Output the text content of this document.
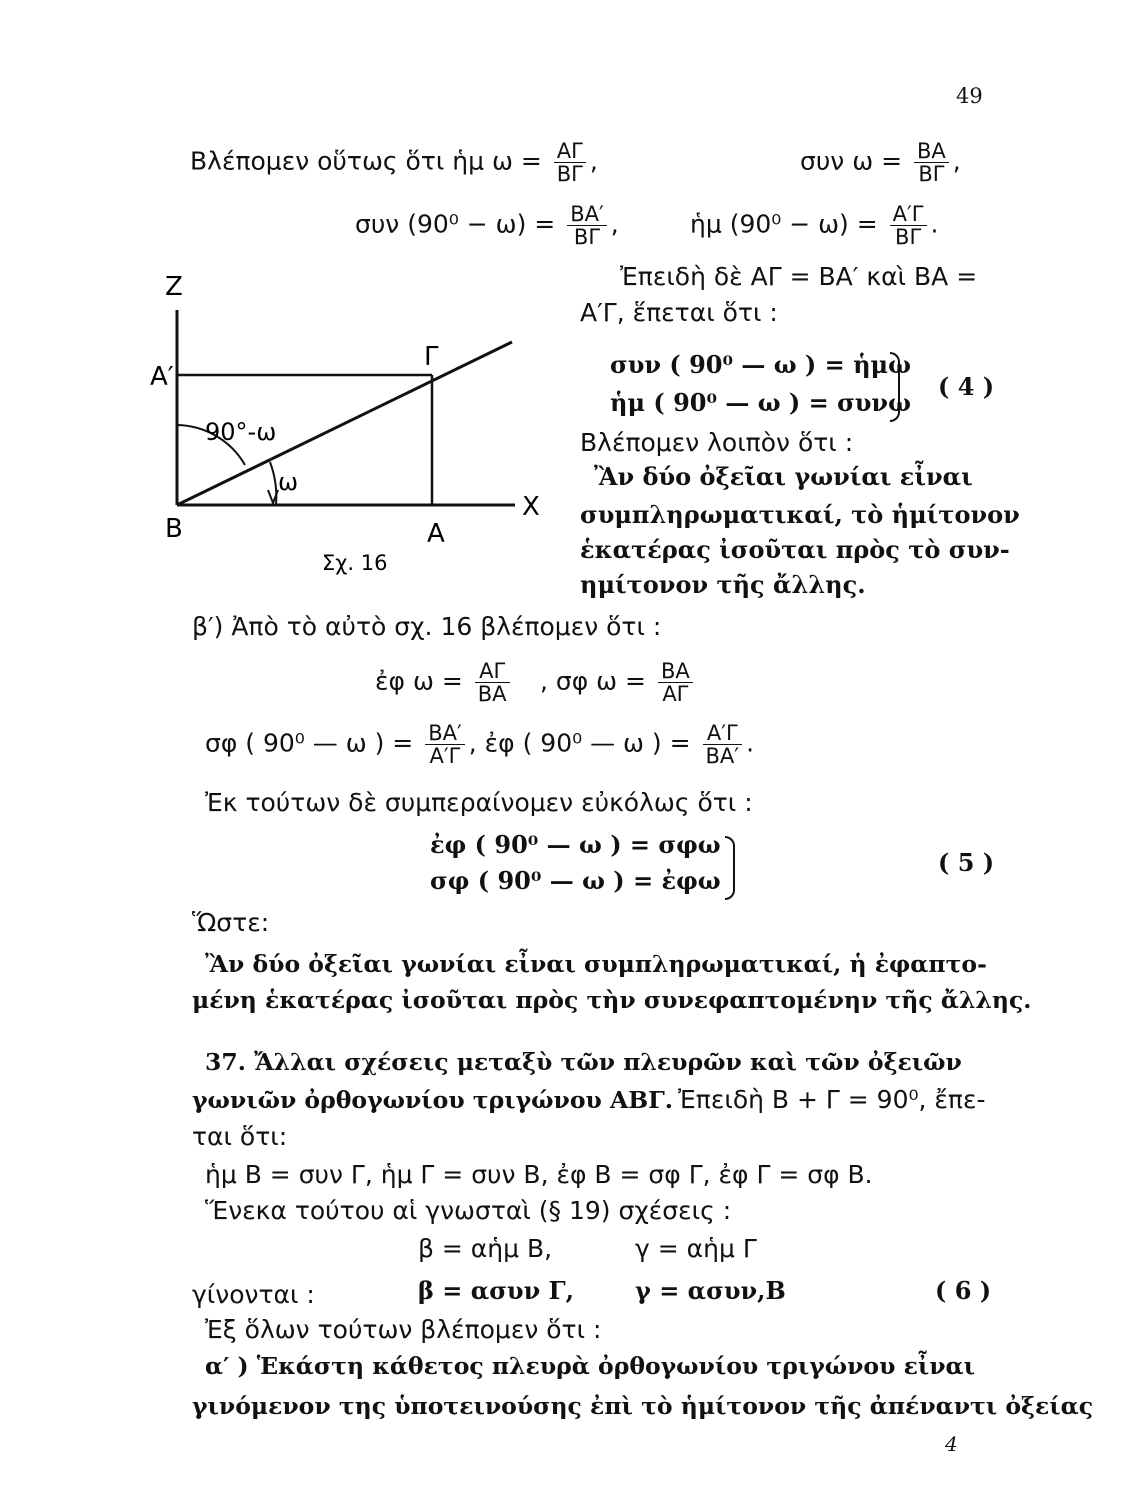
49
Βλέπομεν οὕτως ὅτι ἡμ $\omega = \frac{A\Gamma}{B\Gamma}$ ,	συν $\omega = \frac{BA}{B\Gamma}$ ,
συν $(90^0 - \omega) = \frac{BA'}{B\Gamma}$ ,	ἡμ $(90^0 - \omega) = \frac{A'\Gamma}{B\Gamma}$ .
Ἐπειδὴ δὲ ΑΓ = ΒΑ′ καὶ ΒΑ =
Α′Γ, ἕπεται ὅτι :
συν ( 90⁰ — ω ) = ἡμω
ἡμ ( 90⁰ — ω ) = συνω
( 4 )
Βλέπομεν λοιπὸν ὅτι :
Ἂν δύο ὀξεῖαι γωνίαι εἶναι
συμπληρωματικαί, τὸ ἡμίτονον
ἑκατέρας ἰσοῦται πρὸς τὸ συν-
ημίτονον τῆς ἄλλης.
Z
Α′
Γ
90°-ω
ω
Β	Α
Χ
Σχ. 16
β′) Ἀπὸ τὸ αὐτὸ σχ. 16 βλέπομεν ὅτι :
ἐφ $\omega = \frac{A\Gamma}{BA}$ , σφ $\omega = \frac{BA}{A\Gamma}$
σφ ( 90⁰ — ω ) = $\frac{BA'}{A'\Gamma}$ , ἐφ ( 90⁰ — ω ) = $\frac{A'\Gamma}{BA'}$ .
Ἐκ τούτων δὲ συμπεραίνομεν εὐκόλως ὅτι :
ἐφ ( 90⁰ — ω ) = σφω
σφ ( 90⁰ — ω ) = ἐφω
( 5 )
Ὥστε:
Ἂν δύο ὀξεῖαι γωνίαι εἶναι συμπληρωματικαί, ἡ ἐφαπτο-
μένη ἑκατέρας ἰσοῦται πρὸς τὴν συνεφαπτομένην τῆς ἄλλης.
37. Ἄλλαι σχέσεις μεταξὺ τῶν πλευρῶν καὶ τῶν ὀξειῶν
γωνιῶν ὀρθογωνίου τριγώνου ΑΒΓ. Ἐπειδὴ Β + Γ = 90⁰, ἔπε-
ται ὅτι:
ἡμ Β = συν Γ, ἡμ Γ = συν Β, ἐφ Β = σφ Γ, ἐφ Γ = σφ Β.
Ἕνεκα τούτου αἱ γνωσταὶ (§ 19) σχέσεις :
β = αἡμ Β,	γ = αἡμ Γ
γίνονται :	β = ασυν Γ,	γ = ασυν,Β	( 6 )
Ἐξ ὅλων τούτων βλέπομεν ὅτι :
α′ ) Ἑκάστη κάθετος πλευρὰ ὀρθογωνίου τριγώνου εἶναι
γινόμενον της ὑποτεινούσης ἐπὶ τὸ ἡμίτονον τῆς ἀπέναντι ὀξείας
4
